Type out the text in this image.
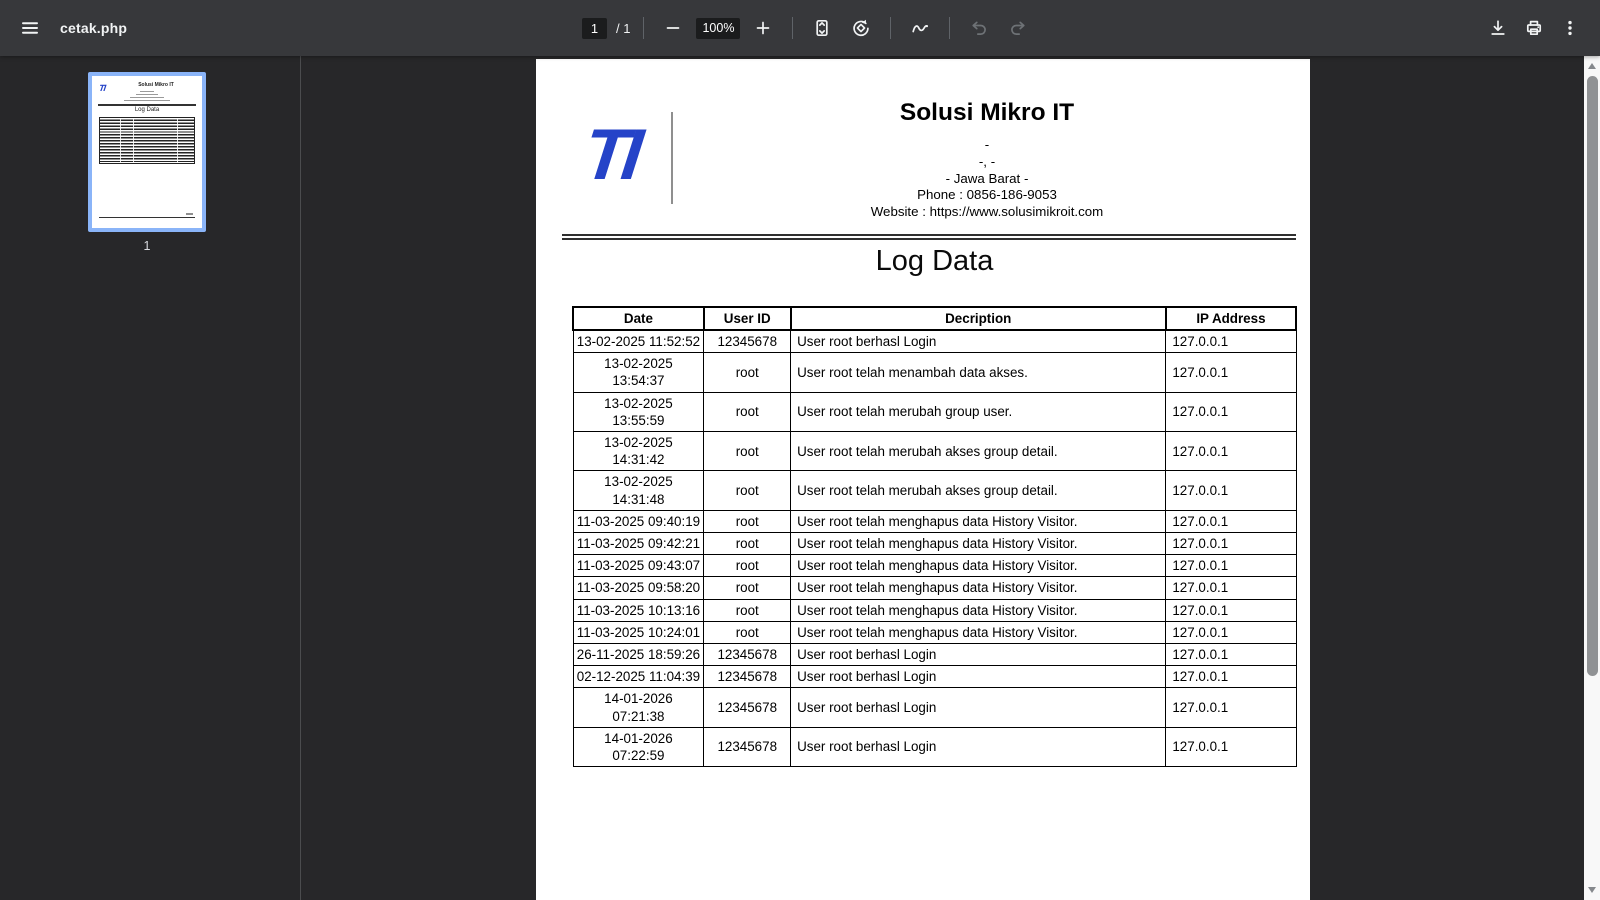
cetak.php
1	/ 1	100%
TI	Solusi Mikro IT
Log Data
1
TI
Solusi Mikro IT
-
-, -
- Jawa Barat -
Phone : 0856-186-9053
Website : https://www.solusimikroit.com
Log Data
Date	User ID	Decription	IP Address
13-02-2025 11:52:52	12345678	User root berhasl Login	127.0.0.1
13-02-2025 13:54:37	root	User root telah menambah data akses.	127.0.0.1
13-02-2025 13:55:59	root	User root telah merubah group user.	127.0.0.1
13-02-2025 14:31:42	root	User root telah merubah akses group detail.	127.0.0.1
13-02-2025 14:31:48	root	User root telah merubah akses group detail.	127.0.0.1
11-03-2025 09:40:19	root	User root telah menghapus data History Visitor.	127.0.0.1
11-03-2025 09:42:21	root	User root telah menghapus data History Visitor.	127.0.0.1
11-03-2025 09:43:07	root	User root telah menghapus data History Visitor.	127.0.0.1
11-03-2025 09:58:20	root	User root telah menghapus data History Visitor.	127.0.0.1
11-03-2025 10:13:16	root	User root telah menghapus data History Visitor.	127.0.0.1
11-03-2025 10:24:01	root	User root telah menghapus data History Visitor.	127.0.0.1
26-11-2025 18:59:26	12345678	User root berhasl Login	127.0.0.1
02-12-2025 11:04:39	12345678	User root berhasl Login	127.0.0.1
14-01-2026 07:21:38	12345678	User root berhasl Login	127.0.0.1
14-01-2026 07:22:59	12345678	User root berhasl Login	127.0.0.1
